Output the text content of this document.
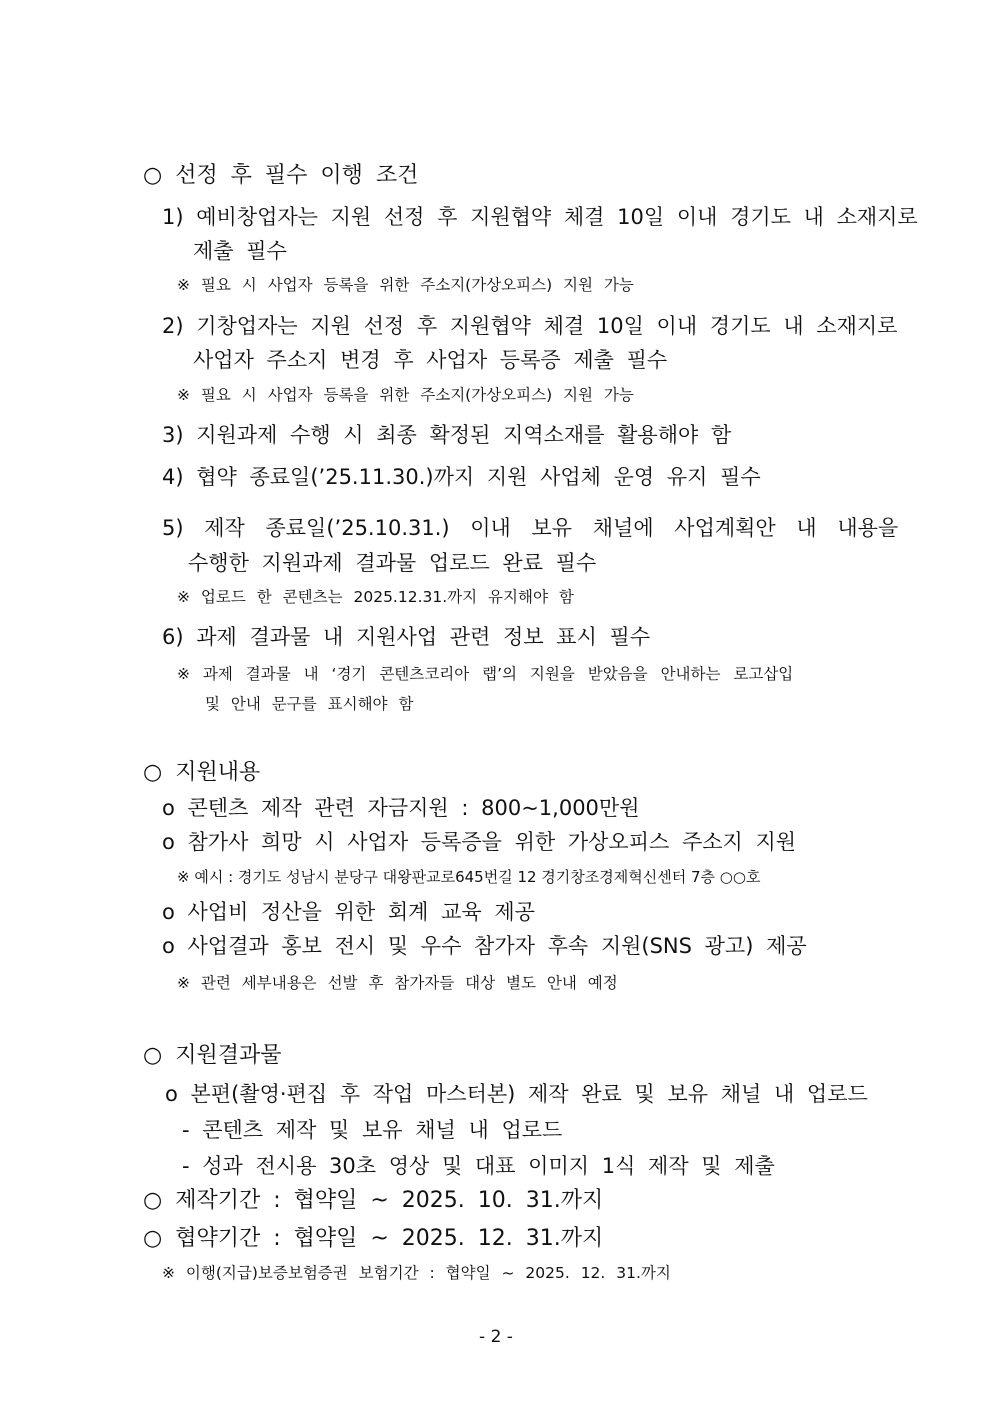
○ 선정 후 필수 이행 조건
1) 예비창업자는 지원 선정 후 지원협약 체결 10일 이내 경기도 내 소재지로
제출 필수
※ 필요 시 사업자 등록을 위한 주소지(가상오피스) 지원 가능
2) 기창업자는 지원 선정 후 지원협약 체결 10일 이내 경기도 내 소재지로
사업자 주소지 변경 후 사업자 등록증 제출 필수
※ 필요 시 사업자 등록을 위한 주소지(가상오피스) 지원 가능
3) 지원과제 수행 시 최종 확정된 지역소재를 활용해야 함
4) 협약 종료일(’25.11.30.)까지 지원 사업체 운영 유지 필수
5) 제작 종료일(’25.10.31.) 이내 보유 채널에 사업계획안 내 내용을
수행한 지원과제 결과물 업로드 완료 필수
※ 업로드 한 콘텐츠는 2025.12.31.까지 유지해야 함
6) 과제 결과물 내 지원사업 관련 정보 표시 필수
※ 과제 결과물 내 ‘경기 콘텐츠코리아 랩’의 지원을 받았음을 안내하는 로고삽입
및 안내 문구를 표시해야 함
○ 지원내용
o 콘텐츠 제작 관련 자금지원 : 800~1,000만원
o 참가사 희망 시 사업자 등록증을 위한 가상오피스 주소지 지원
※ 예시 : 경기도 성남시 분당구 대왕판교로645번길 12 경기창조경제혁신센터 7층 ○○호
o 사업비 정산을 위한 회계 교육 제공
o 사업결과 홍보 전시 및 우수 참가자 후속 지원(SNS 광고) 제공
※ 관련 세부내용은 선발 후 참가자들 대상 별도 안내 예정
○ 지원결과물
o 본편(촬영·편집 후 작업 마스터본) 제작 완료 및 보유 채널 내 업로드
- 콘텐츠 제작 및 보유 채널 내 업로드
- 성과 전시용 30초 영상 및 대표 이미지 1식 제작 및 제출
○ 제작기간 : 협약일 ~ 2025. 10. 31.까지
○ 협약기간 : 협약일 ~ 2025. 12. 31.까지
※ 이행(지급)보증보험증권 보험기간 : 협약일 ~ 2025. 12. 31.까지
- 2 -
